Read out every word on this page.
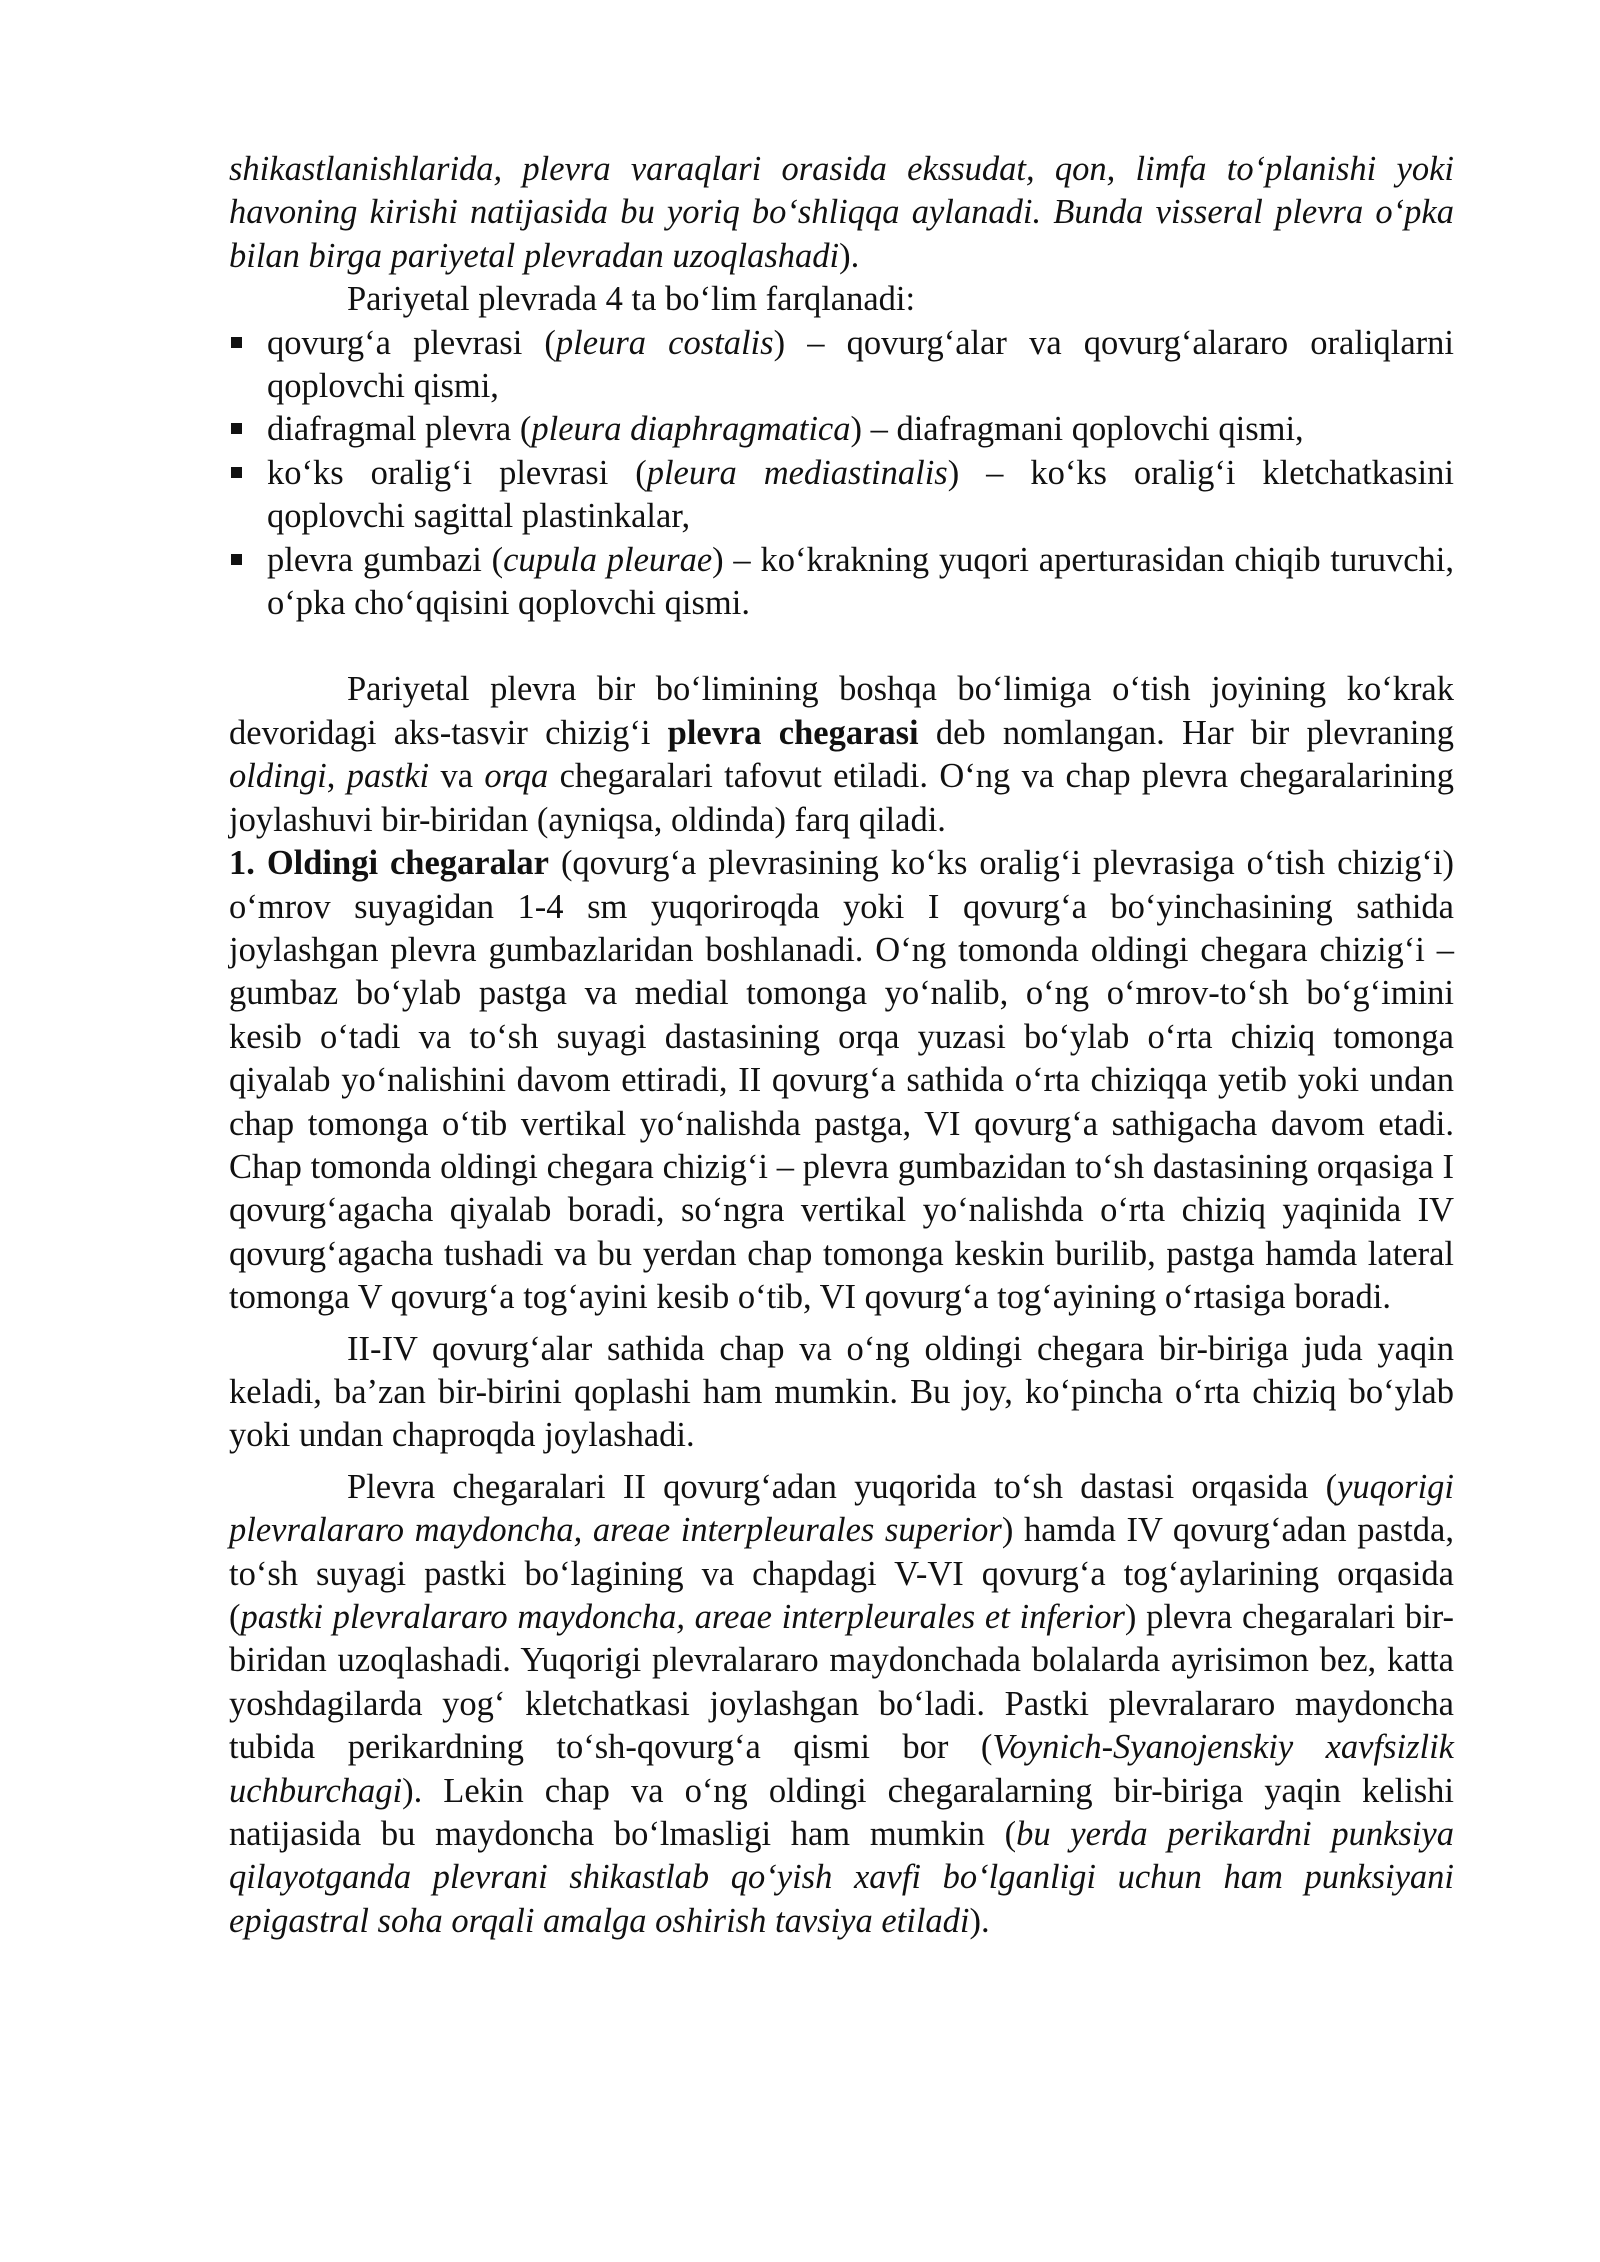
shikastlanishlarida, plevra varaqlari orasida ekssudat, qon, limfa to‘planishi yoki havoning kirishi natijasida bu yoriq bo‘shliqqa aylanadi. Bunda visseral plevra o‘pka bilan birga pariyetal plevradan uzoqlashadi).

Pariyetal plevrada 4 ta bo‘lim farqlanadi:

qovurg‘a plevrasi (pleura costalis) – qovurg‘alar va qovurg‘alararo oraliqlarni qoplovchi qismi,
diafragmal plevra (pleura diaphragmatica) – diafragmani qoplovchi qismi,
ko‘ks oralig‘i plevrasi (pleura mediastinalis) – ko‘ks oralig‘i kletchatkasini qoplovchi sagittal plastinkalar,
plevra gumbazi (cupula pleurae) – ko‘krakning yuqori aperturasidan chiqib turuvchi, o‘pka cho‘qqisini qoplovchi qismi.

Pariyetal plevra bir bo‘limining boshqa bo‘limiga o‘tish joyining ko‘krak devoridagi aks-tasvir chizig‘i plevra chegarasi deb nomlangan. Har bir plevraning oldingi, pastki va orqa chegaralari tafovut etiladi. O‘ng va chap plevra chegaralarining joylashuvi bir-biridan (ayniqsa, oldinda) farq qiladi.

1. Oldingi chegaralar (qovurg‘a plevrasining ko‘ks oralig‘i plevrasiga o‘tish chizig‘i) o‘mrov suyagidan 1-4 sm yuqoriroqda yoki I qovurg‘a bo‘yinchasining sathida joylashgan plevra gumbazlaridan boshlanadi. O‘ng tomonda oldingi chegara chizig‘i – gumbaz bo‘ylab pastga va medial tomonga yo‘nalib, o‘ng o‘mrov-to‘sh bo‘g‘imini kesib o‘tadi va to‘sh suyagi dastasining orqa yuzasi bo‘ylab o‘rta chiziq tomonga qiyalab yo‘nalishini davom ettiradi, II qovurg‘a sathida o‘rta chiziqqa yetib yoki undan chap tomonga o‘tib vertikal yo‘nalishda pastga, VI qovurg‘a sathigacha davom etadi. Chap tomonda oldingi chegara chizig‘i – plevra gumbazidan to‘sh dastasining orqasiga I qovurg‘agacha qiyalab boradi, so‘ngra vertikal yo‘nalishda o‘rta chiziq yaqinida IV qovurg‘agacha tushadi va bu yerdan chap tomonga keskin burilib, pastga hamda lateral tomonga V qovurg‘a tog‘ayini kesib o‘tib, VI qovurg‘a tog‘ayining o‘rtasiga boradi.

II-IV qovurg‘alar sathida chap va o‘ng oldingi chegara bir-biriga juda yaqin keladi, ba’zan bir-birini qoplashi ham mumkin. Bu joy, ko‘pincha o‘rta chiziq bo‘ylab yoki undan chaproqda joylashadi.

Plevra chegaralari II qovurg‘adan yuqorida to‘sh dastasi orqasida (yuqorigi plevralararo maydoncha, areae interpleurales superior) hamda IV qovurg‘adan pastda, to‘sh suyagi pastki bo‘lagining va chapdagi V-VI qovurg‘a tog‘aylarining orqasida (pastki plevralararo maydoncha, areae interpleurales et inferior) plevra chegaralari bir-biridan uzoqlashadi. Yuqorigi plevralararo maydonchada bolalarda ayrisimon bez, katta yoshdagilarda yog‘ kletchatkasi joylashgan bo‘ladi. Pastki plevralararo maydoncha tubida perikardning to‘sh-qovurg‘a qismi bor (Voynich-Syanojenskiy xavfsizlik uchburchagi). Lekin chap va o‘ng oldingi chegaralarning bir-biriga yaqin kelishi natijasida bu maydoncha bo‘lmasligi ham mumkin (bu yerda perikardni punksiya qilayotganda plevrani shikastlab qo‘yish xavfi bo‘lganligi uchun ham punksiyani epigastral soha orqali amalga oshirish tavsiya etiladi).
